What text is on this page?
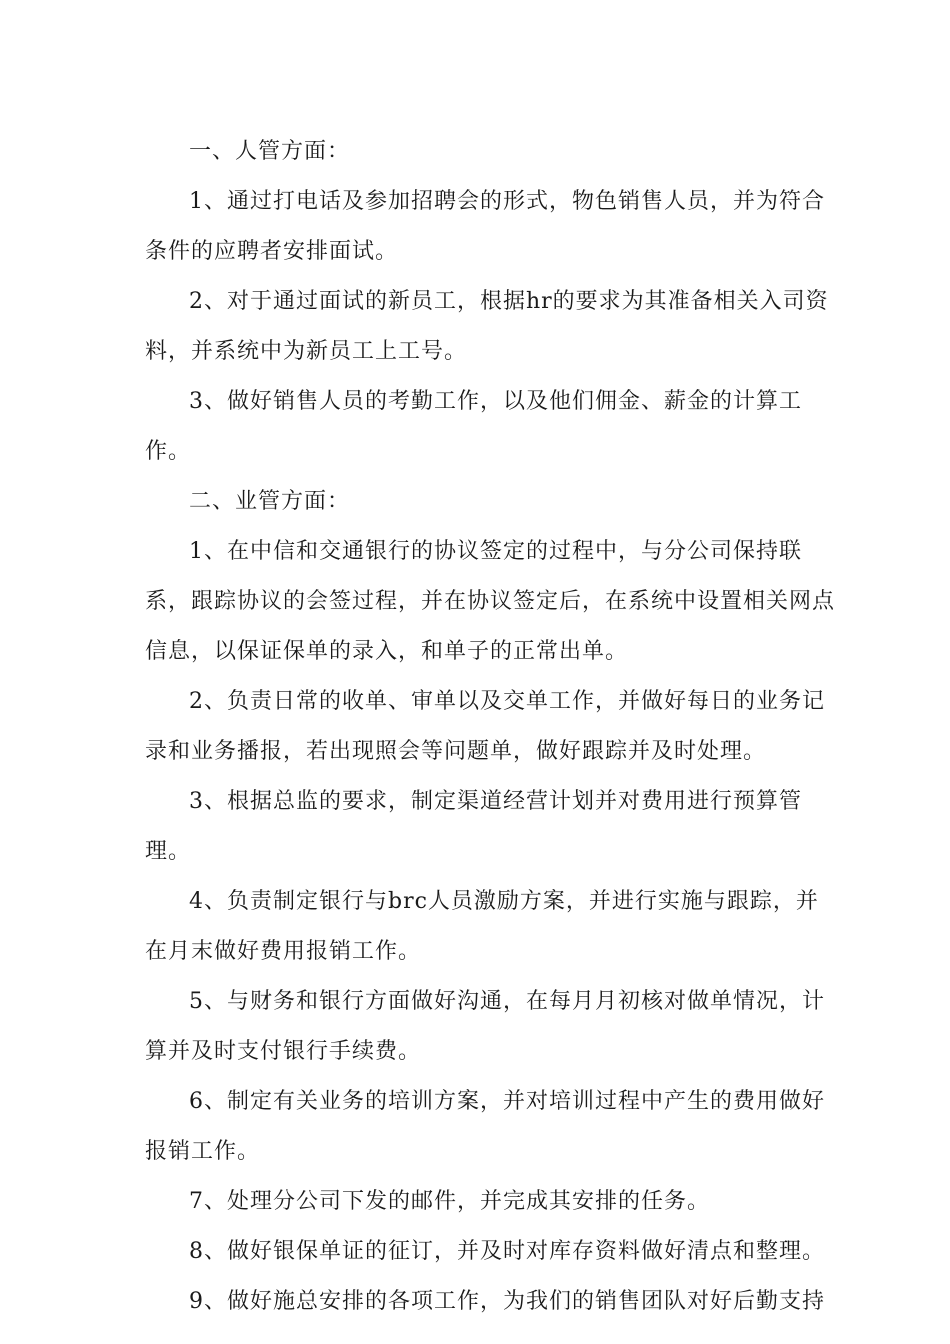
一、人管方面：

1、通过打电话及参加招聘会的形式，物色销售人员，并为符合条件的应聘者安排面试。

2、对于通过面试的新员工，根据hr的要求为其准备相关入司资料，并系统中为新员工上工号。

3、做好销售人员的考勤工作，以及他们佣金、薪金的计算工作。

二、业管方面：

1、在中信和交通银行的协议签定的过程中，与分公司保持联系，跟踪协议的会签过程，并在协议签定后，在系统中设置相关网点信息，以保证保单的录入，和单子的正常出单。

2、负责日常的收单、审单以及交单工作，并做好每日的业务记录和业务播报，若出现照会等问题单，做好跟踪并及时处理。

3、根据总监的要求，制定渠道经营计划并对费用进行预算管理。

4、负责制定银行与brc人员激励方案，并进行实施与跟踪，并在月末做好费用报销工作。

5、与财务和银行方面做好沟通，在每月月初核对做单情况，计算并及时支付银行手续费。

6、制定有关业务的培训方案，并对培训过程中产生的费用做好报销工作。

7、处理分公司下发的邮件，并完成其安排的任务。

8、做好银保单证的征订，并及时对库存资料做好清点和整理。

9、做好施总安排的各项工作，为我们的销售团队对好后勤支持
